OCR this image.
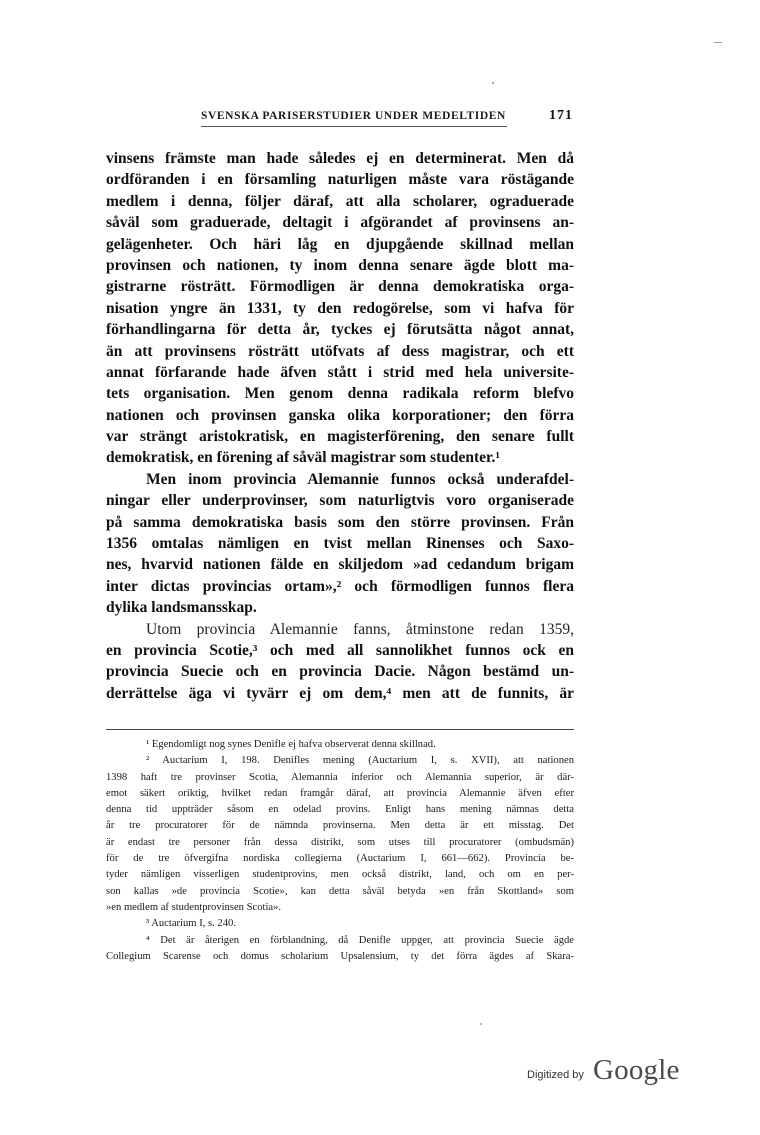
SVENSKA PARISERSTUDIER UNDER MEDELTIDEN	171
vinsens främste man hade således ej en determinerat. Men då
ordföranden i en församling naturligen måste vara röstägande
medlem i denna, följer däraf, att alla scholarer, ograduerade
såväl som graduerade, deltagit i afgörandet af provinsens an-
gelägenheter. Och häri låg en djupgående skillnad mellan
provinsen och nationen, ty inom denna senare ägde blott ma-
gistrarne rösträtt. Förmodligen är denna demokratiska orga-
nisation yngre än 1331, ty den redogörelse, som vi hafva för
förhandlingarna för detta år, tyckes ej förutsätta något annat,
än att provinsens rösträtt utöfvats af dess magistrar, och ett
annat förfarande hade äfven stått i strid med hela universite-
tets organisation. Men genom denna radikala reform blefvo
nationen och provinsen ganska olika korporationer; den förra
var strängt aristokratisk, en magisterförening, den senare fullt
demokratisk, en förening af såväl magistrar som studenter.¹
Men inom provincia Alemannie funnos också underafdel-
ningar eller underprovinser, som naturligtvis voro organiserade
på samma demokratiska basis som den större provinsen. Från
1356 omtalas nämligen en tvist mellan Rinenses och Saxo-
nes, hvarvid nationen fälde en skiljedom »ad cedandum brigam
inter dictas provincias ortam»,² och förmodligen funnos flera
dylika landsmansskap.
Utom provincia Alemannie fanns, åtminstone redan 1359,
en provincia Scotie,³ och med all sannolikhet funnos ock en
provincia Suecie och en provincia Dacie. Någon bestämd un-
derrättelse äga vi tyvärr ej om dem,⁴ men att de funnits, är
¹ Egendomligt nog synes Denifle ej hafva observerat denna skillnad.
² Auctarium I, 198. Denifles mening (Auctarium I, s. XVII), att nationen
1398 haft tre provinser Scotia, Alemannia inferior och Alemannia superior, är där-
emot säkert oriktig, hvilket redan framgår däraf, att provincia Alemannie äfven efter
denna tid uppträder såsom en odelad provins. Enligt hans mening nämnas detta
år tre procuratorer för de nämnda provinserna. Men detta är ett misstag. Det
är endast tre personer från dessa distrikt, som utses till procuratorer (ombudsmän)
för de tre öfvergifna nordiska collegierna (Auctarium I, 661—662). Provincia be-
tyder nämligen visserligen studentprovins, men också distrikt, land, och om en per-
son kallas »de provincia Scotie», kan detta såväl betyda »en från Skottland» som
»en medlem af studentprovinsen Scotia».
³ Auctarium I, s. 240.
⁴ Det är återigen en förblandning, då Denifle uppger, att provincia Suecie ägde
Collegium Scarense och domus scholarium Upsalensium, ty det förra ägdes af Skara-
Digitized by Google
